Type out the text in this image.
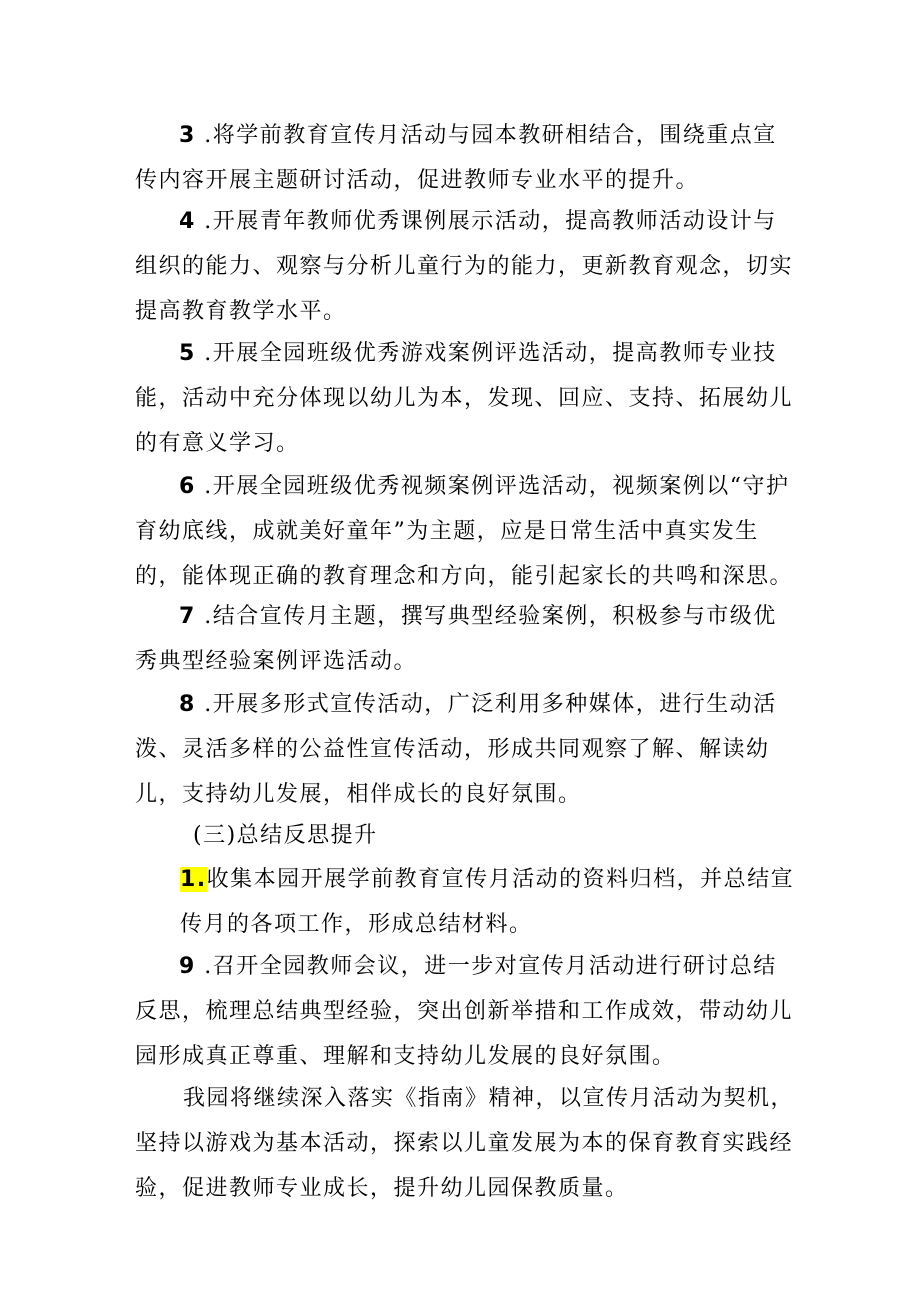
3 .将学前教育宣传月活动与园本教研相结合，围绕重点宣传内容开展主题研讨活动，促进教师专业水平的提升。

4 .开展青年教师优秀课例展示活动，提高教师活动设计与组织的能力、观察与分析儿童行为的能力，更新教育观念，切实提高教育教学水平。

5 .开展全园班级优秀游戏案例评选活动，提高教师专业技能，活动中充分体现以幼儿为本，发现、回应、支持、拓展幼儿的有意义学习。

6 .开展全园班级优秀视频案例评选活动，视频案例以“守护育幼底线，成就美好童年”为主题，应是日常生活中真实发生的，能体现正确的教育理念和方向，能引起家长的共鸣和深思。

7 .结合宣传月主题，撰写典型经验案例，积极参与市级优秀典型经验案例评选活动。

8 .开展多形式宣传活动，广泛利用多种媒体，进行生动活泼、灵活多样的公益性宣传活动，形成共同观察了解、解读幼儿，支持幼儿发展，相伴成长的良好氛围。

(三)总结反思提升

1.收集本园开展学前教育宣传月活动的资料归档，并总结宣传月的各项工作，形成总结材料。

9 .召开全园教师会议，进一步对宣传月活动进行研讨总结反思，梳理总结典型经验，突出创新举措和工作成效，带动幼儿园形成真正尊重、理解和支持幼儿发展的良好氛围。

我园将继续深入落实《指南》精神，以宣传月活动为契机，坚持以游戏为基本活动，探索以儿童发展为本的保育教育实践经验，促进教师专业成长，提升幼儿园保教质量。
